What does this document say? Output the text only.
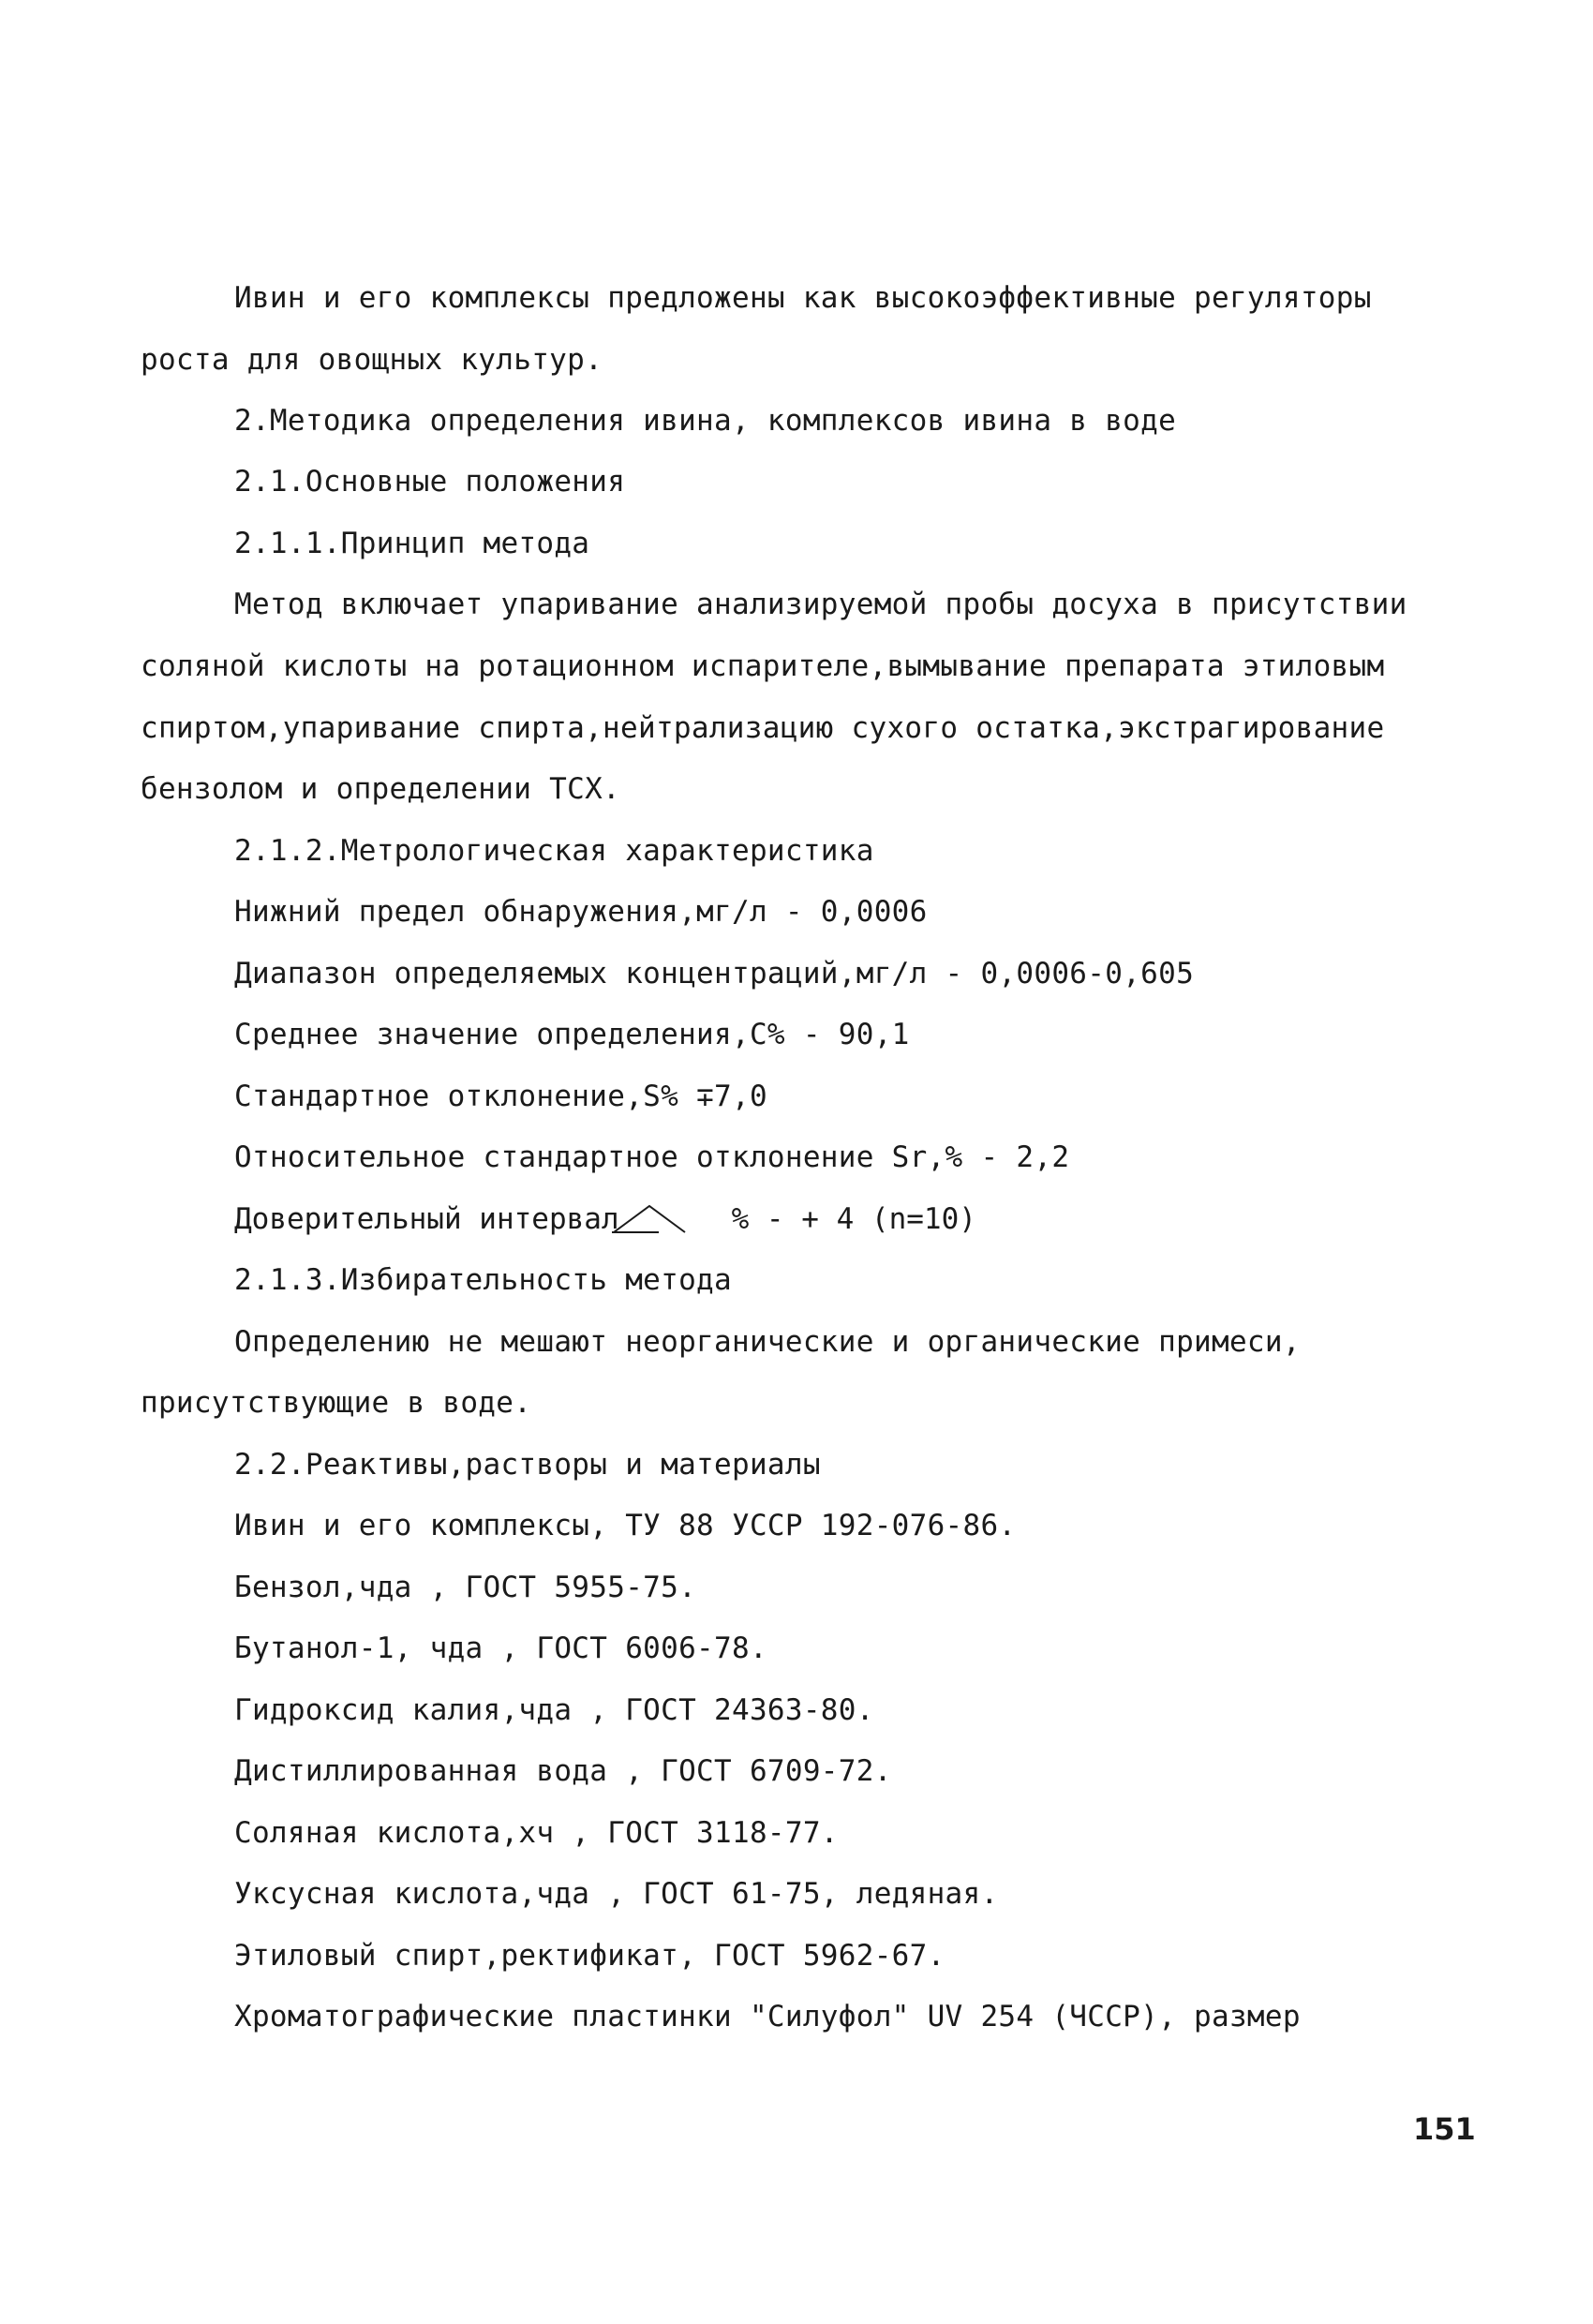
Ивин и его комплексы предложены как высокоэффективные регуляторы
роста для овощных культур.
2.Методика определения ивина, комплексов ивина в воде
2.1.Основные положения
2.1.1.Принцип метода
Метод включает упаривание анализируемой пробы досуха в присутствии
соляной кислоты на ротационном испарителе,вымывание препарата этиловым
спиртом,упаривание спирта,нейтрализацию сухого остатка,экстрагирование
бензолом и определении ТСХ.
2.1.2.Метрологическая характеристика
Нижний предел обнаружения,мг/л - 0,0006
Диапазон определяемых концентраций,мг/л - 0,0006-0,605
Среднее значение определения,С% - 90,1
Стандартное отклонение,S% ∓7,0
Относительное стандартное отклонение Sr,% - 2,2
Доверительный интервал	% - + 4 (n=10)
2.1.3.Избирательность метода
Определению не мешают неорганические и органические примеси,
присутствующие в воде.
2.2.Реактивы,растворы и материалы
Ивин и его комплексы, ТУ 88 УССР 192-076-86.
Бензол,чда , ГОСТ 5955-75.
Бутанол-1, чда , ГОСТ 6006-78.
Гидроксид калия,чда , ГОСТ 24363-80.
Дистиллированная вода , ГОСТ 6709-72.
Соляная кислота,хч , ГОСТ 3118-77.
Уксусная кислота,чда , ГОСТ 61-75, ледяная.
Этиловый спирт,ректификат, ГОСТ 5962-67.
Хроматографические пластинки "Силуфол" UV 254 (ЧССР), размер
151
